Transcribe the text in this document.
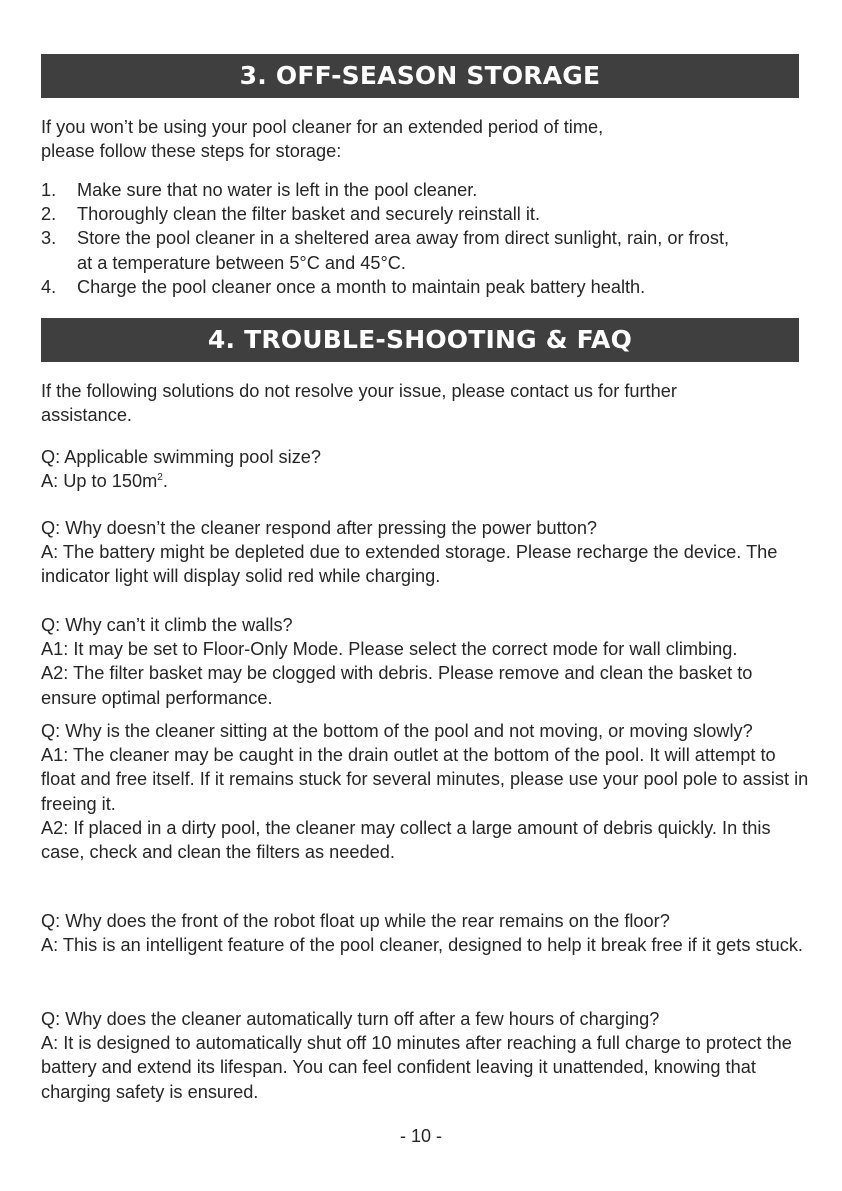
3. OFF-SEASON STORAGE

If you won’t be using your pool cleaner for an extended period of time,

please follow these steps for storage:

1. Make sure that no water is left in the pool cleaner.
2. Thoroughly clean the filter basket and securely reinstall it.
3. Store the pool cleaner in a sheltered area away from direct sunlight, rain, or frost, at a temperature between 5°C and 45°C.
4. Charge the pool cleaner once a month to maintain peak battery health.
4. TROUBLE-SHOOTING & FAQ

If the following solutions do not resolve your issue, please contact us for further assistance.

Q: Applicable swimming pool size?

A: Up to $150m^2$.

Q: Why doesn’t the cleaner respond after pressing the power button?

A: The battery might be depleted due to extended storage. Please recharge the device. The indicator light will display solid red while charging.

Q: Why can’t it climb the walls?

A1: It may be set to Floor-Only Mode. Please select the correct mode for wall climbing.

A2: The filter basket may be clogged with debris. Please remove and clean the basket to ensure optimal performance.

Q: Why is the cleaner sitting at the bottom of the pool and not moving, or moving slowly?

A1: The cleaner may be caught in the drain outlet at the bottom of the pool. It will attempt to float and free itself. If it remains stuck for several minutes, please use your pool pole to assist in freeing it.

A2: If placed in a dirty pool, the cleaner may collect a large amount of debris quickly. In this case, check and clean the filters as needed.

Q: Why does the front of the robot float up while the rear remains on the floor?

A: This is an intelligent feature of the pool cleaner, designed to help it break free if it gets stuck.

Q: Why does the cleaner automatically turn off after a few hours of charging?

A: It is designed to automatically shut off 10 minutes after reaching a full charge to protect the battery and extend its lifespan. You can feel confident leaving it unattended, knowing that charging safety is ensured.

- 10 -
